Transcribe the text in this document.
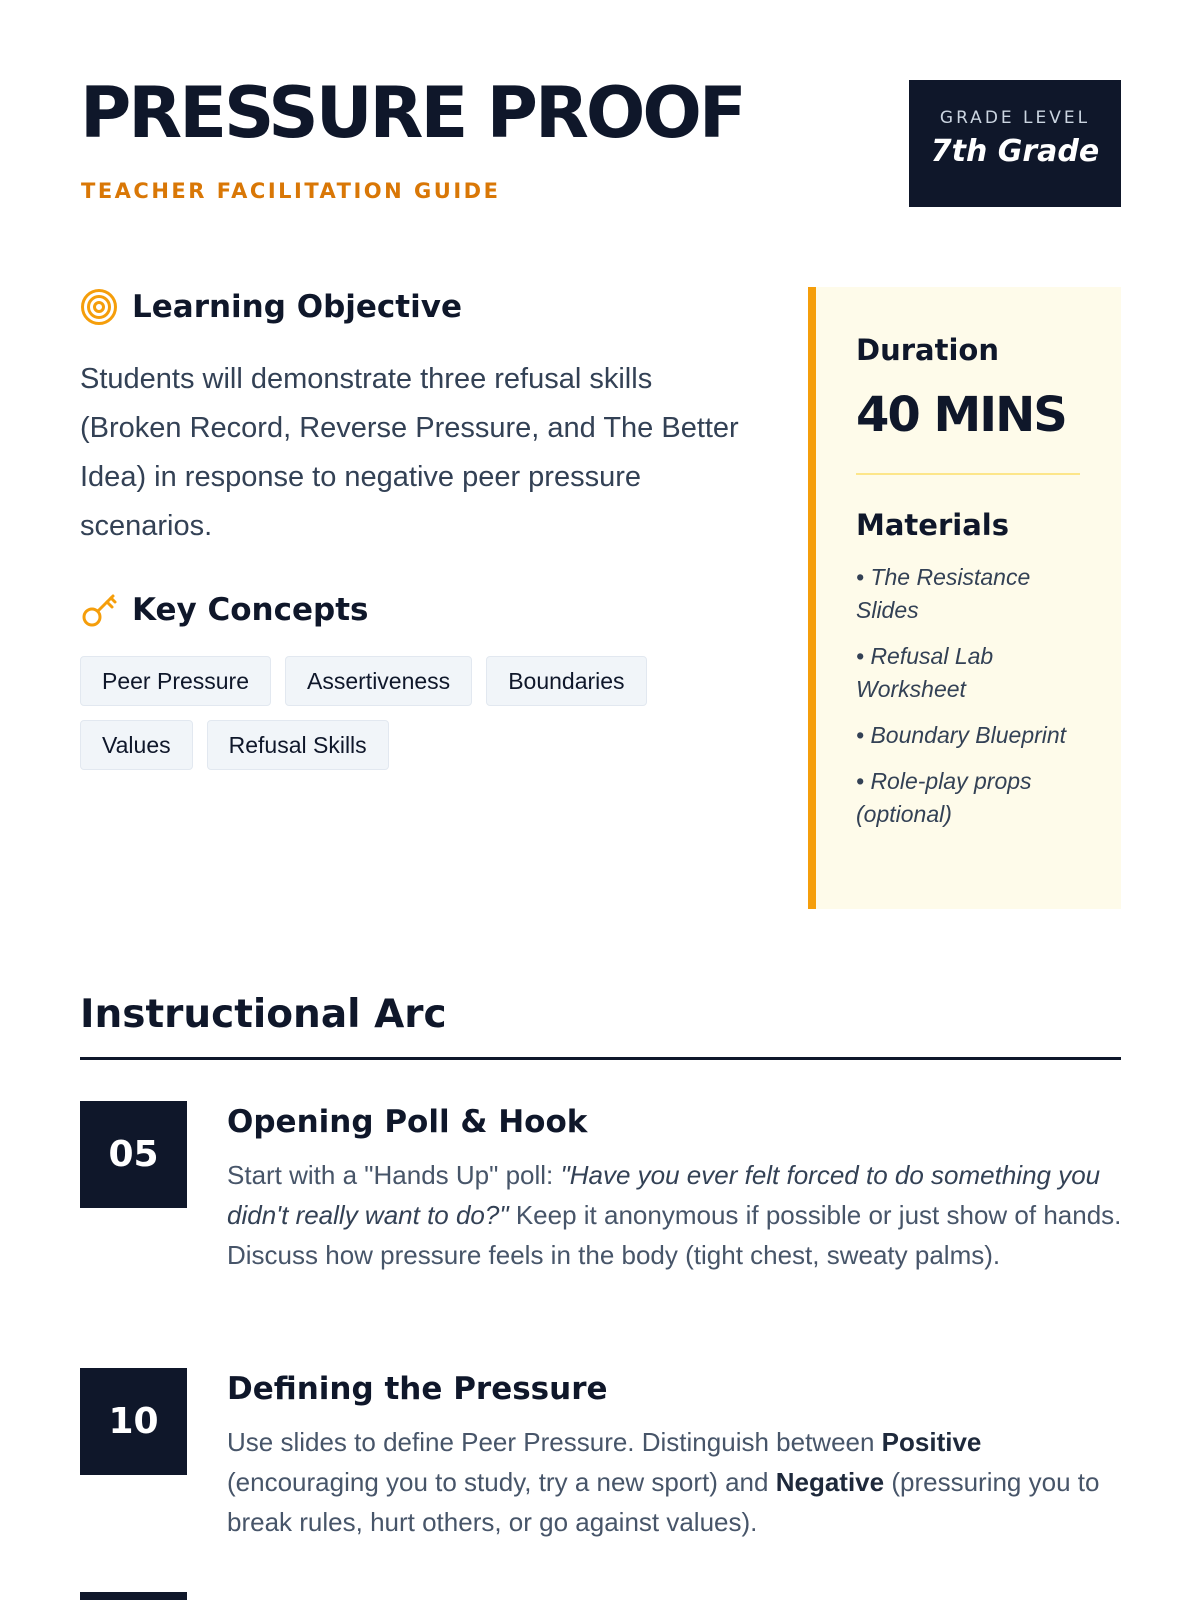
PRESSURE PROOF
TEACHER FACILITATION GUIDE
GRADE LEVEL
7th Grade
Learning Objective

Students will demonstrate three refusal skills (Broken Record, Reverse Pressure, and The Better Idea) in response to negative peer pressure scenarios.

Key Concepts
Peer Pressure	Assertiveness	Boundaries
Values	Refusal Skills
Duration
40 MINS
Materials
• The Resistance Slides
• Refusal Lab Worksheet
• Boundary Blueprint
• Role-play props (optional)
Instructional Arc
05
Opening Poll & Hook

Start with a "Hands Up" poll: "Have you ever felt forced to do something you didn't really want to do?" Keep it anonymous if possible or just show of hands. Discuss how pressure feels in the body (tight chest, sweaty palms).

10
Defining the Pressure

Use slides to define Peer Pressure. Distinguish between Positive (encouraging you to study, try a new sport) and Negative (pressuring you to break rules, hurt others, or go against values).
